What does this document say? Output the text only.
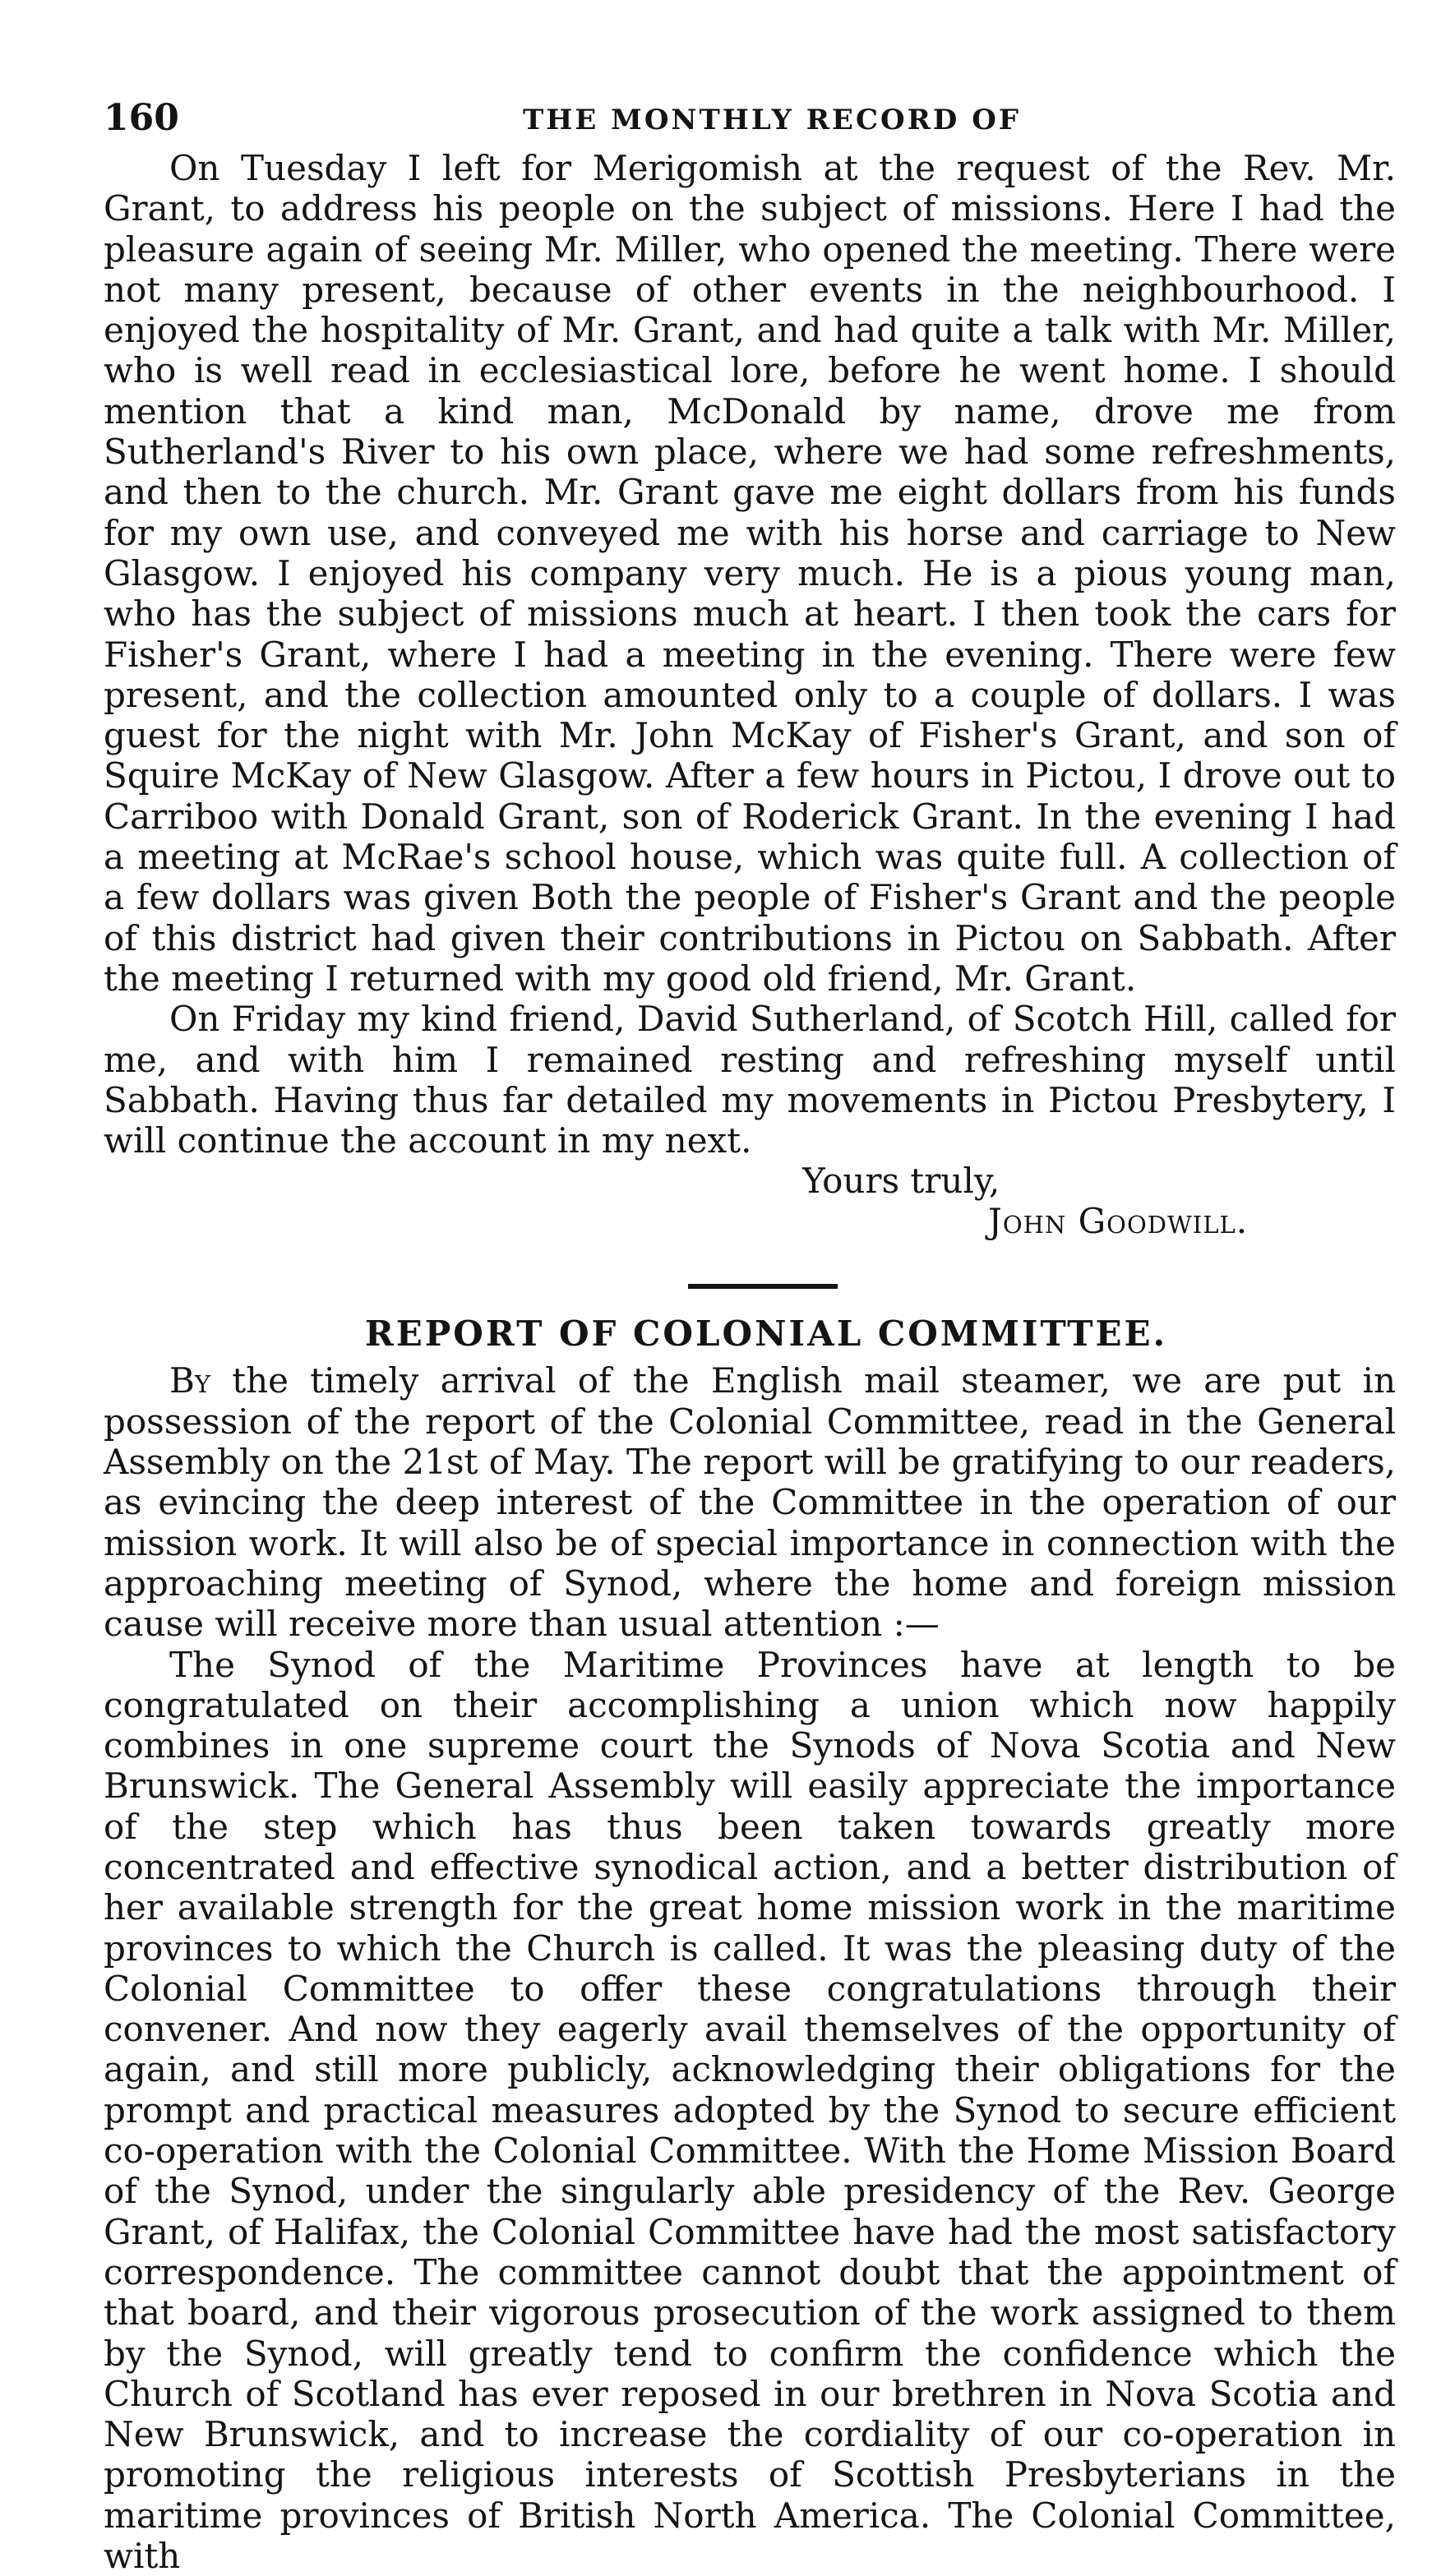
160	THE MONTHLY RECORD OF

On Tuesday I left for Merigomish at the request of the Rev. Mr. Grant, to address his people on the subject of missions. Here I had the pleasure again of seeing Mr. Miller, who opened the meeting. There were not many present, because of other events in the neighbourhood. I enjoyed the hospitality of Mr. Grant, and had quite a talk with Mr. Miller, who is well read in ecclesiastical lore, before he went home. I should mention that a kind man, McDonald by name, drove me from Sutherland's River to his own place, where we had some refreshments, and then to the church. Mr. Grant gave me eight dollars from his funds for my own use, and conveyed me with his horse and carriage to New Glasgow. I enjoyed his company very much. He is a pious young man, who has the subject of missions much at heart. I then took the cars for Fisher's Grant, where I had a meeting in the evening. There were few present, and the collection amounted only to a couple of dollars. I was guest for the night with Mr. John McKay of Fisher's Grant, and son of Squire McKay of New Glasgow. After a few hours in Pictou, I drove out to Carriboo with Donald Grant, son of Roderick Grant. In the evening I had a meeting at McRae's school house, which was quite full. A collection of a few dollars was given Both the people of Fisher's Grant and the people of this district had given their contributions in Pictou on Sabbath. After the meeting I returned with my good old friend, Mr. Grant.

On Friday my kind friend, David Sutherland, of Scotch Hill, called for me, and with him I remained resting and refreshing myself until Sabbath. Having thus far detailed my movements in Pictou Presbytery, I will continue the account in my next.

Yours truly,
John Goodwill.
REPORT OF COLONIAL COMMITTEE.

By the timely arrival of the English mail steamer, we are put in possession of the report of the Colonial Committee, read in the General Assembly on the 21st of May. The report will be gratifying to our readers, as evincing the deep interest of the Committee in the operation of our mission work. It will also be of special importance in connection with the approaching meeting of Synod, where the home and foreign mission cause will receive more than usual attention :—

The Synod of the Maritime Provinces have at length to be congratulated on their accomplishing a union which now happily combines in one supreme court the Synods of Nova Scotia and New Brunswick. The General Assembly will easily appreciate the importance of the step which has thus been taken towards greatly more concentrated and effective synodical action, and a better distribution of her available strength for the great home mission work in the maritime provinces to which the Church is called. It was the pleasing duty of the Colonial Committee to offer these congratulations through their convener. And now they eagerly avail themselves of the opportunity of again, and still more publicly, acknowledging their obligations for the prompt and practical measures adopted by the Synod to secure efficient co-operation with the Colonial Committee. With the Home Mission Board of the Synod, under the singularly able presidency of the Rev. George Grant, of Halifax, the Colonial Committee have had the most satisfactory correspondence. The committee cannot doubt that the appointment of that board, and their vigorous prosecution of the work assigned to them by the Synod, will greatly tend to confirm the confidence which the Church of Scotland has ever reposed in our brethren in Nova Scotia and New Brunswick, and to increase the cordiality of our co-operation in promoting the religious interests of Scottish Presbyterians in the maritime provinces of British North America. The Colonial Committee, with
